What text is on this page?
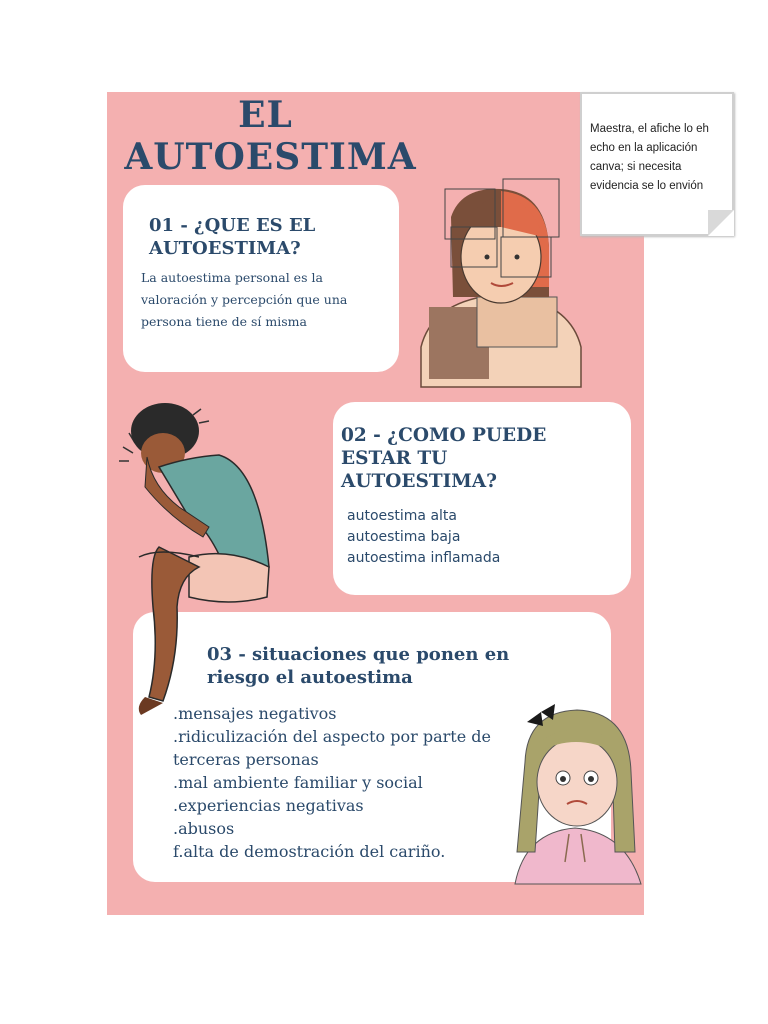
EL
AUTOESTIMA
01 - ¿QUE ES EL AUTOESTIMA?

La autoestima personal es la valoración y percepción que una persona tiene de sí misma

02 - ¿COMO PUEDE ESTAR TU AUTOESTIMA?
autoestima alta
autoestima baja
autoestima inflamada
03 - situaciones que ponen en riesgo el autoestima
.mensajes negativos
.ridiculización del aspecto por parte de terceras personas
.mal ambiente familiar y social
.experiencias negativas
.abusos
f.alta de demostración del cariño.

Maestra, el afiche lo eh echo en la aplicación canva; si necesita evidencia se lo envión
